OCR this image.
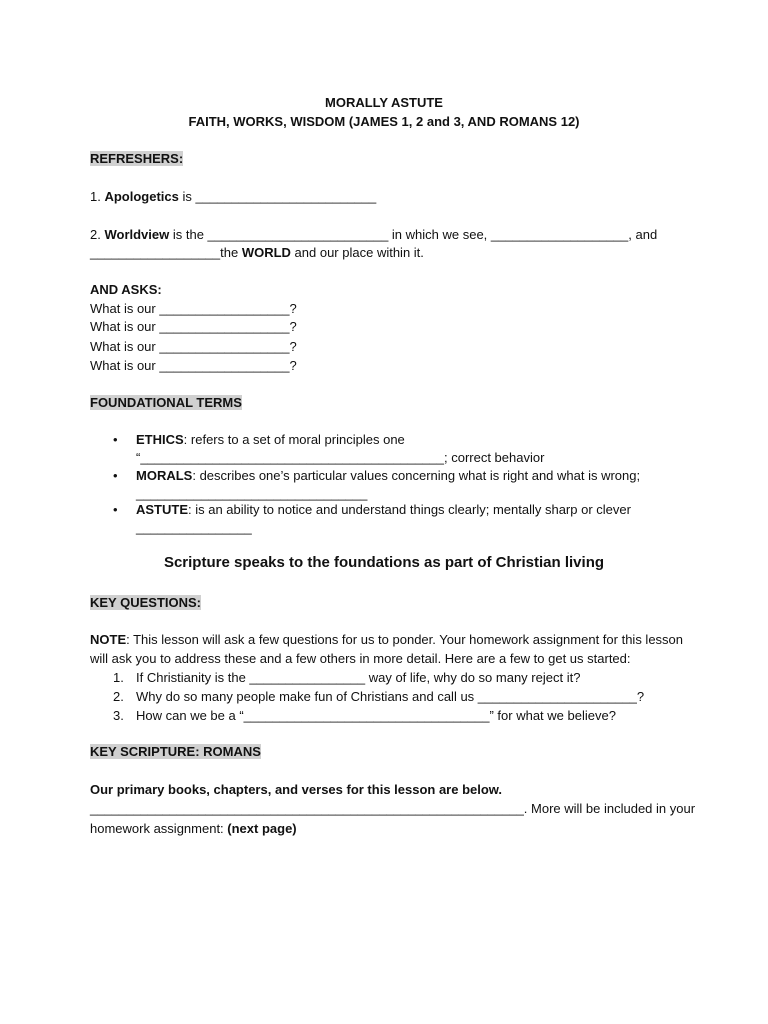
MORALLY ASTUTE
FAITH, WORKS, WISDOM (JAMES 1, 2 and 3, AND ROMANS 12)
REFRESHERS:
1. Apologetics is _________________________
2. Worldview is the _________________________ in which we see, ___________________, and
__________________the WORLD and our place within it.
AND ASKS:
What is our __________________?
What is our __________________?
What is our __________________?
What is our __________________?
FOUNDATIONAL TERMS
• ETHICS: refers to a set of moral principles one
“__________________________________________; correct behavior
• MORALS: describes one’s particular values concerning what is right and what is wrong;
________________________________
• ASTUTE: is an ability to notice and understand things clearly; mentally sharp or clever
________________
Scripture speaks to the foundations as part of Christian living
KEY QUESTIONS:
NOTE: This lesson will ask a few questions for us to ponder. Your homework assignment for this lesson
will ask you to address these and a few others in more detail. Here are a few to get us started:
1. If Christianity is the ________________ way of life, why do so many reject it?
2. Why do so many people make fun of Christians and call us ______________________?
3. How can we be a “__________________________________” for what we believe?
KEY SCRIPTURE: ROMANS
Our primary books, chapters, and verses for this lesson are below.
____________________________________________________________. More will be included in your
homework assignment: (next page)
